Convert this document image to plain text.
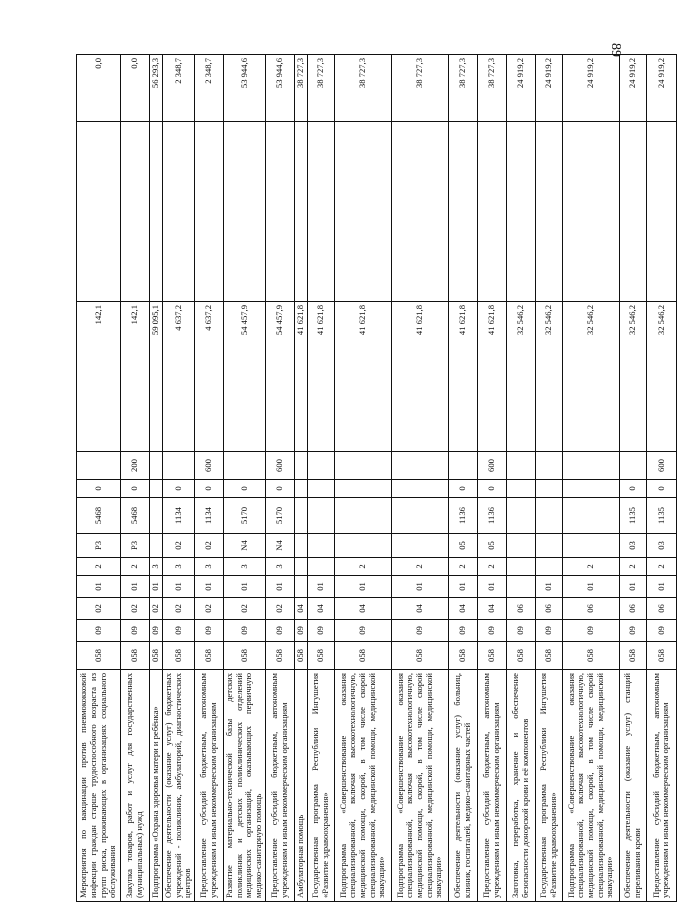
89
Мероприятия по вакцинации против пневмококковой инфекции граждан старше трудоспособного возраста из групп риска, проживающих в организациях социального обслуживания	058	09	02	01	2	Р3	5468	0		142,1		0,0
Закупка товаров, работ и услуг для государственных (муниципальных) нужд	058	09	02	01	2	Р3	5468	0	200	142,1		0,0
Подпрограмма «Охрана здоровья матери и ребёнка»	058	09	02	01	3					59 095,1		56 293,3
Обеспечение деятельности (оказание услуг) бюджетных учреждений - поликлиник, амбулаторий, диагностических центров	058	09	02	01	3	02	1134	0		4 637,2		2 348,7
Предоставление субсидий бюджетным, автономным учреждениям и иным некоммерческим организациям	058	09	02	01	3	02	1134	0	600	4 637,2		2 348,7
Развитие материально-технической базы детских поликлиник и детских поликлинических отделений медицинских организаций, оказывающих первичную медико-санитарную помощь	058	09	02	01	3	N4	5170	0		54 457,9		53 944,6
Предоставление субсидий бюджетным, автономным учреждениям и иным некоммерческим организациям	058	09	02	01	3	N4	5170	0	600	54 457,9		53 944,6
Амбулаторная помощь	058	09	04							41 621,8		38 727,3
Государственная программа Республики Ингушетия «Развитие здравоохранения»	058	09	04	01						41 621,8		38 727,3
Подпрограмма «Совершенствование оказания специализированной, включая высокотехнологичную, медицинской помощи, скорой, в том числе скорой специализированной, медицинской помощи, медицинской эвакуации»	058	09	04	01	2					41 621,8		38 727,3
Подпрограмма «Совершенствование оказания специализированной, включая высокотехнологичную, медицинской помощи, скорой, в том числе скорой специализированной, медицинской помощи, медицинской эвакуации»	058	09	04	01	2					41 621,8		38 727,3
Обеспечение деятельности (оказание услуг) больниц, клиник, госпиталей, медико-санитарных частей	058	09	04	01	2	05	1136	0		41 621,8		38 727,3
Предоставление субсидий бюджетным, автономным учреждениям и иным некоммерческим организациям	058	09	04	01	2	05	1136	0	600	41 621,8		38 727,3
Заготовка, переработка, хранение и обеспечение безопасности донорской крови и её компонентов	058	09	06							32 546,2		24 919,2
Государственная программа Республики Ингушетия «Развитие здравоохранения»	058	09	06	01						32 546,2		24 919,2
Подпрограмма «Совершенствование оказания специализированной, включая высокотехнологичную, медицинской помощи, скорой, в том числе скорой специализированной, медицинской помощи, медицинской эвакуации»	058	09	06	01	2					32 546,2		24 919,2
Обеспечение деятельности (оказание услуг) станций переливания крови	058	09	06	01	2	03	1135	0		32 546,2		24 919,2
Предоставление субсидий бюджетным, автономным учреждениям и иным некоммерческим организациям	058	09	06	01	2	03	1135	0	600	32 546,2		24 919,2
